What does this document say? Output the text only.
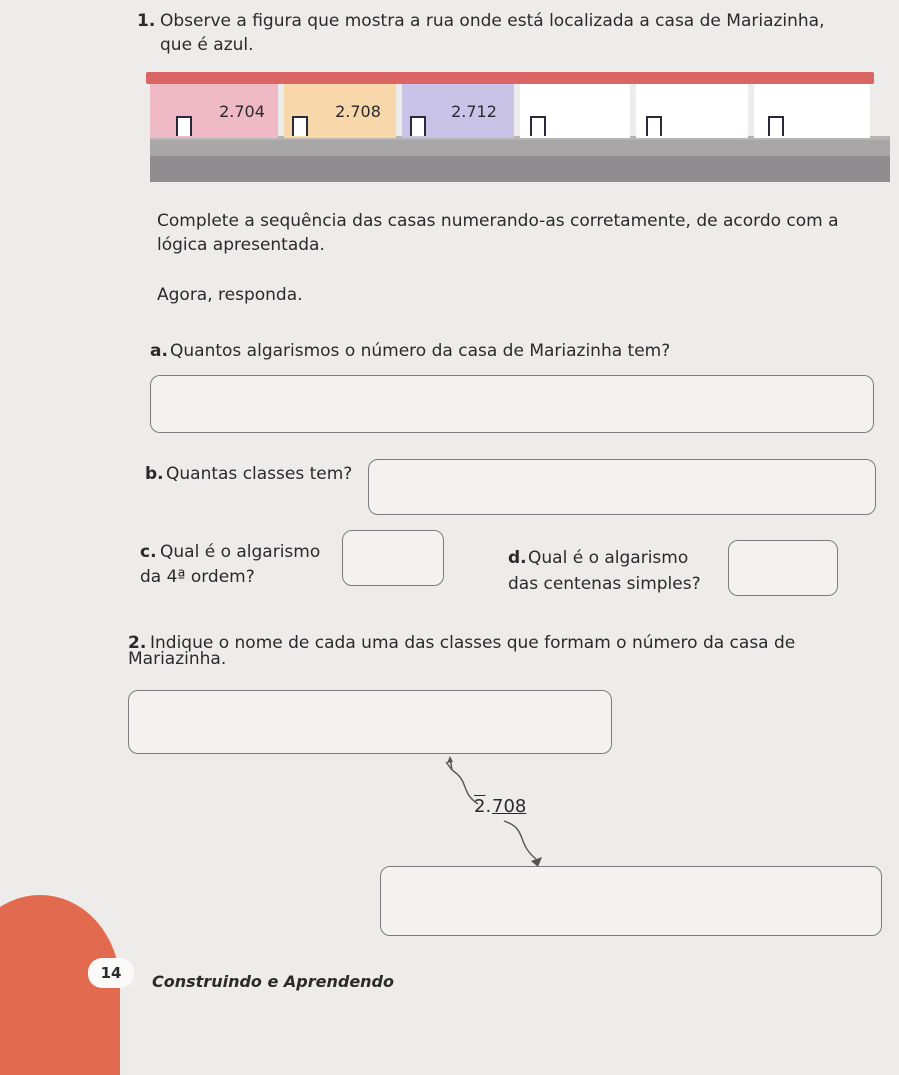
1. Observe a figura que mostra a rua onde está localizada a casa de Mariazinha,
que é azul.
2.704	2.708	2.712
Complete a sequência das casas numerando-as corretamente, de acordo com a
lógica apresentada.
Agora, responda.
a. Quantos algarismos o número da casa de Mariazinha tem?
b. Quantas classes tem?
c. Qual é o algarismo
da 4ª ordem?
d. Qual é o algarismo
das centenas simples?
2. Indique o nome de cada uma das classes que formam o número da casa de
Mariazinha.
2. 708
14	Construindo e Aprendendo
